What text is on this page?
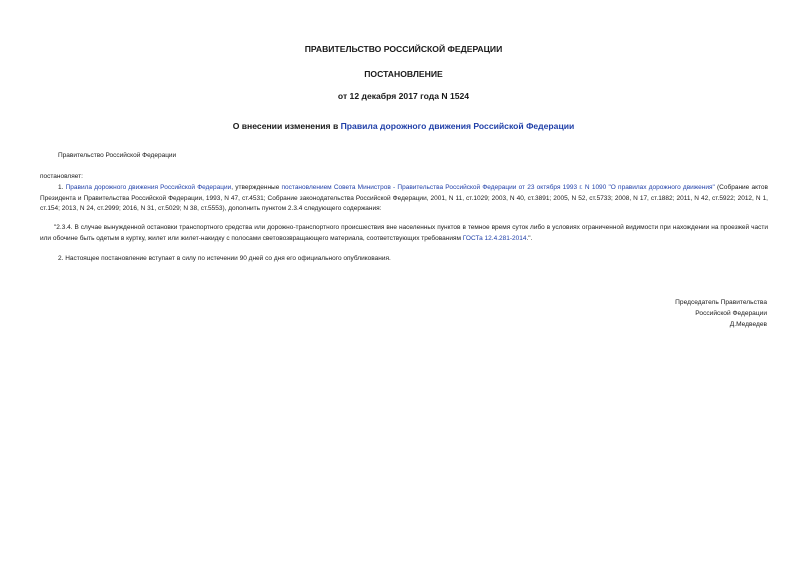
ПРАВИТЕЛЬСТВО РОССИЙСКОЙ ФЕДЕРАЦИИ
ПОСТАНОВЛЕНИЕ
от 12 декабря 2017 года N 1524
О внесении изменения в Правила дорожного движения Российской Федерации
Правительство Российской Федерации
постановляет:
1. Правила дорожного движения Российской Федерации, утвержденные постановлением Совета Министров - Правительства Российской Федерации от 23 октября 1993 г. N 1090 "О правилах дорожного движения" (Собрание актов Президента и Правительства Российской Федерации, 1993, N 47, ст.4531; Собрание законодательства Российской Федерации, 2001, N 11, ст.1029; 2003, N 40, ст.3891; 2005, N 52, ст.5733; 2008, N 17, ст.1882; 2011, N 42, ст.5922; 2012, N 1, ст.154; 2013, N 24, ст.2999; 2016, N 31, ст.5029; N 38, ст.5553), дополнить пунктом 2.3.4 следующего содержания:
"2.3.4. В случае вынужденной остановки транспортного средства или дорожно-транспортного происшествия вне населенных пунктов в темное время суток либо в условиях ограниченной видимости при нахождении на проезжей части или обочине быть одетым в куртку, жилет или жилет-накидку с полосами световозвращающего материала, соответствующих требованиям ГОСТа 12.4.281-2014.".
2. Настоящее постановление вступает в силу по истечении 90 дней со дня его официального опубликования.
Председатель Правительства
Российской Федерации
Д.Медведев
